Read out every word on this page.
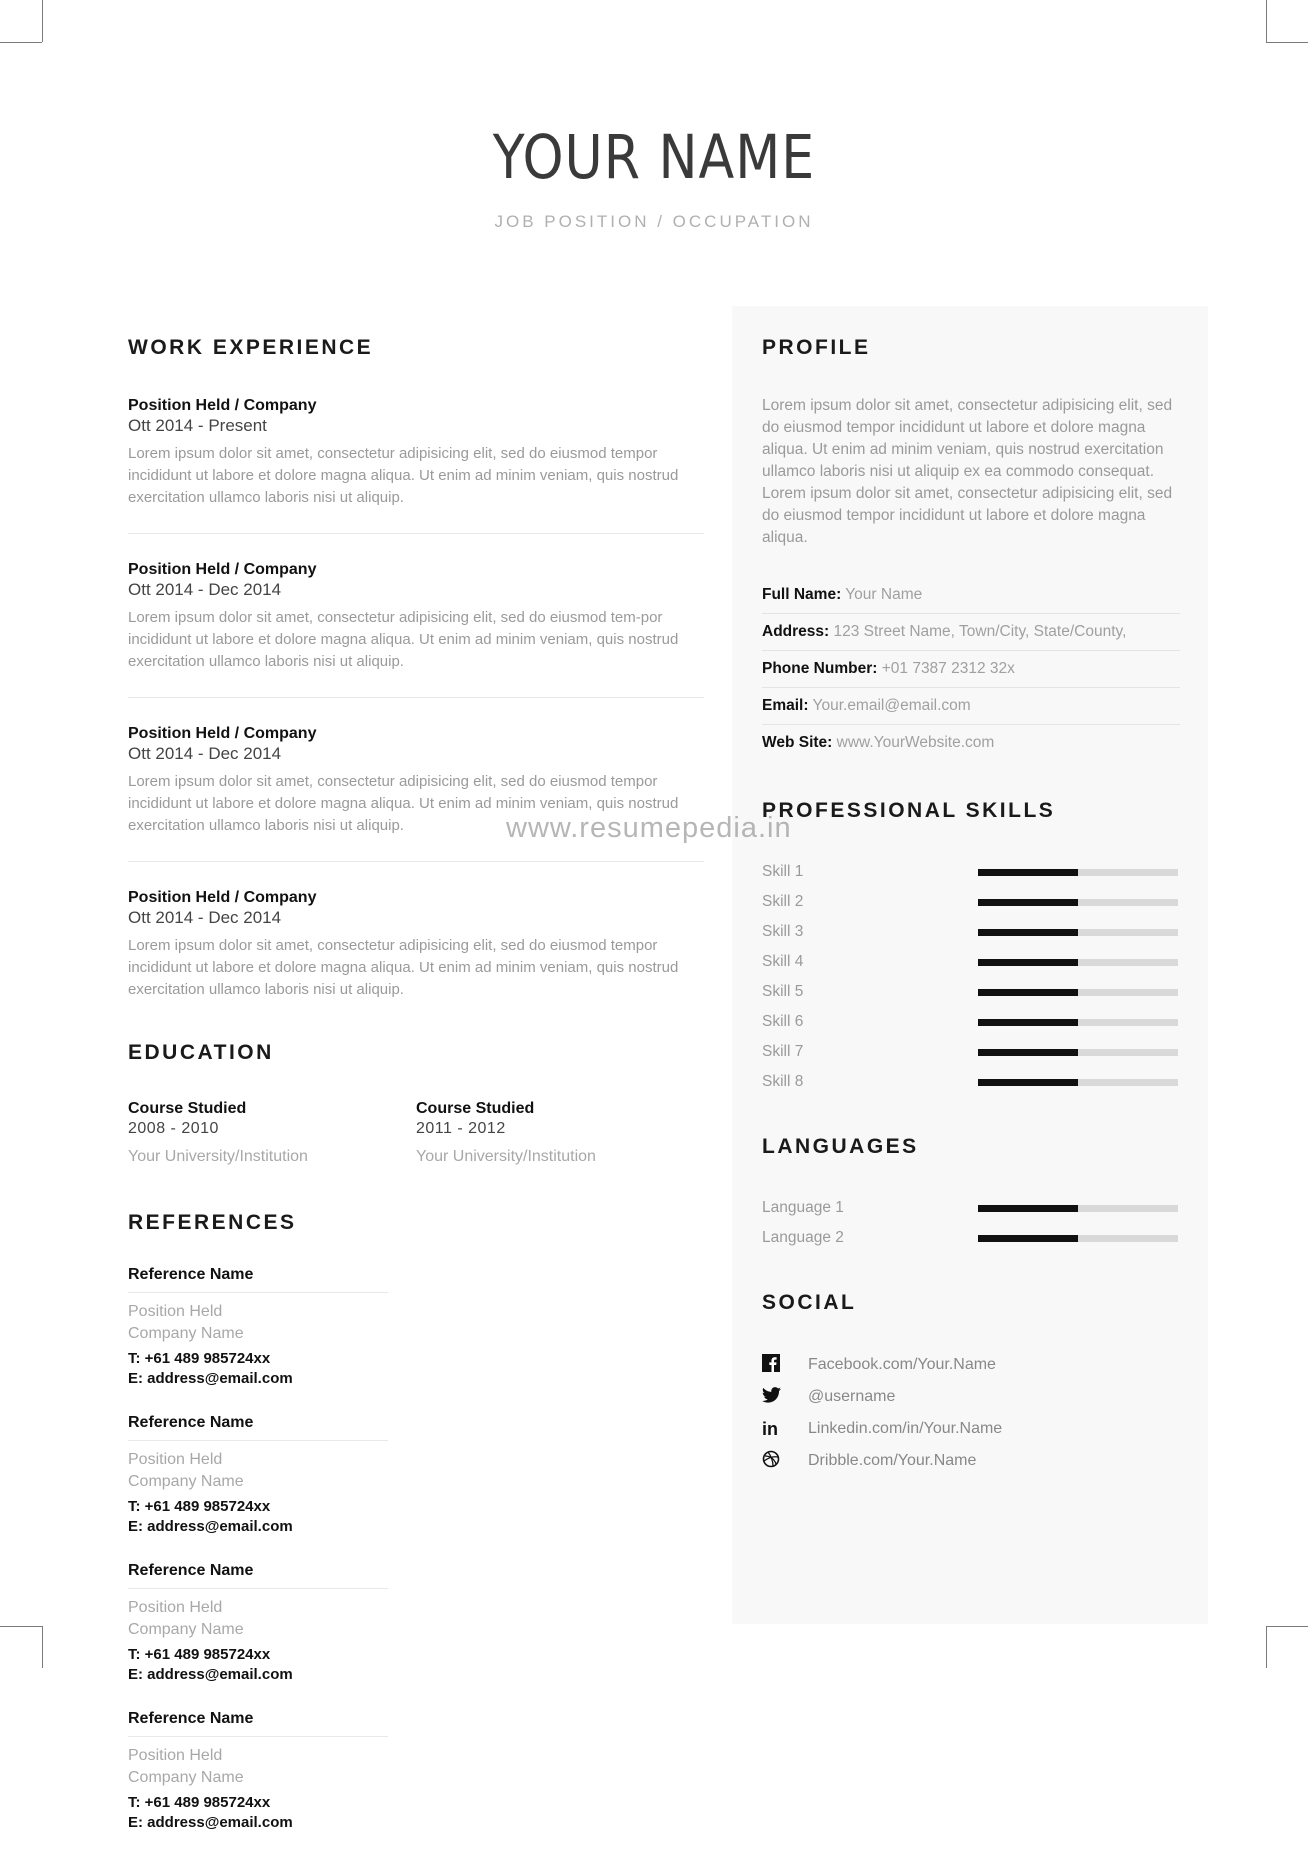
YOUR NAME
JOB POSITION / OCCUPATION
WORK EXPERIENCE
Position Held / Company
Ott 2014 - Present
Lorem ipsum dolor sit amet, consectetur adipisicing elit, sed do eiusmod tempor incididunt ut labore et dolore magna aliqua. Ut enim ad minim veniam, quis nostrud exercitation ullamco laboris nisi ut aliquip.
Position Held / Company
Ott 2014 - Dec 2014
Lorem ipsum dolor sit amet, consectetur adipisicing elit, sed do eiusmod tem-por incididunt ut labore et dolore magna aliqua. Ut enim ad minim veniam, quis nostrud exercitation ullamco laboris nisi ut aliquip.
Position Held / Company
Ott 2014 - Dec 2014
Lorem ipsum dolor sit amet, consectetur adipisicing elit, sed do eiusmod tempor incididunt ut labore et dolore magna aliqua. Ut enim ad minim veniam, quis nostrud exercitation ullamco laboris nisi ut aliquip.
Position Held / Company
Ott 2014 - Dec 2014
Lorem ipsum dolor sit amet, consectetur adipisicing elit, sed do eiusmod tempor incididunt ut labore et dolore magna aliqua. Ut enim ad minim veniam, quis nostrud exercitation ullamco laboris nisi ut aliquip.
EDUCATION
Course Studied
2008 - 2010
Your University/Institution
Course Studied
2011 - 2012
Your University/Institution
REFERENCES
Reference Name
Position Held
Company Name
T: +61 489 985724xx
E: address@email.com
Reference Name
Position Held
Company Name
T: +61 489 985724xx
E: address@email.com
Reference Name
Position Held
Company Name
T: +61 489 985724xx
E: address@email.com
Reference Name
Position Held
Company Name
T: +61 489 985724xx
E: address@email.com
PROFILE
Lorem ipsum dolor sit amet, consectetur adipisicing elit, sed do eiusmod tempor incididunt ut labore et dolore magna aliqua. Ut enim ad minim veniam, quis nostrud exercitation ullamco laboris nisi ut aliquip ex ea commodo consequat. Lorem ipsum dolor sit amet, consectetur adipisicing elit, sed do eiusmod tempor incididunt ut labore et dolore magna aliqua.
Full Name: Your Name
Address: 123 Street Name, Town/City, State/County,
Phone Number: +01 7387 2312 32x
Email: Your.email@email.com
Web Site: www.YourWebsite.com
PROFESSIONAL SKILLS
Skill 1
Skill 2
Skill 3
Skill 4
Skill 5
Skill 6
Skill 7
Skill 8
LANGUAGES
Language 1
Language 2
SOCIAL
Facebook.com/Your.Name
@username
in	Linkedin.com/in/Your.Name
Dribble.com/Your.Name
www.resumepedia.in
